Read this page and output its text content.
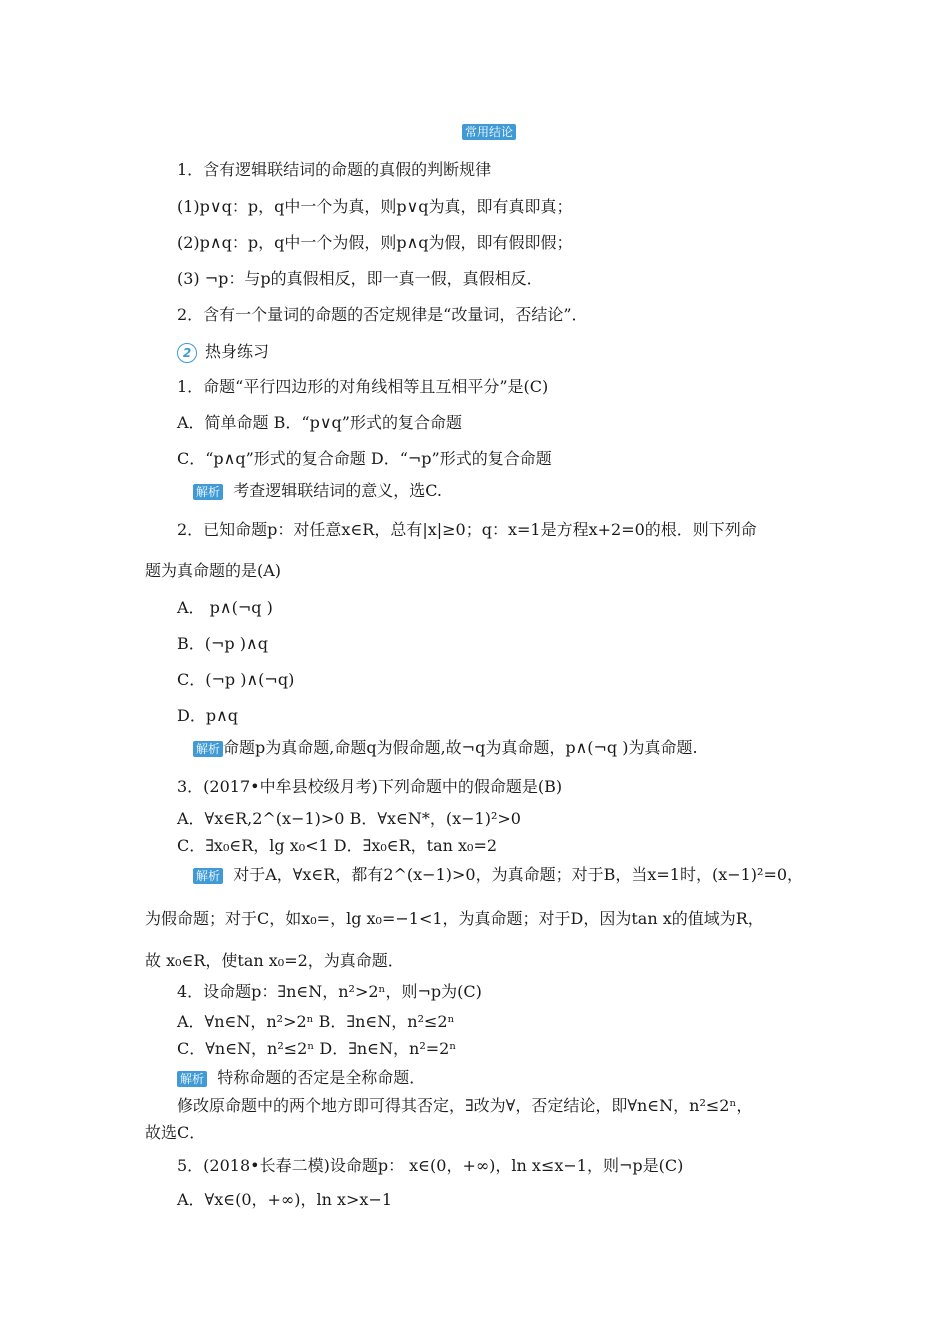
常用结论
1．含有逻辑联结词的命题的真假的判断规律
(1)p∨q：p，q中一个为真，则p∨q为真，即有真即真；
(2)p∧q：p，q中一个为假，则p∧q为假，即有假即假；
(3) ¬p：与p的真假相反，即一真一假，真假相反．
2．含有一个量词的命题的否定规律是“改量词，否结论”．
2 热身练习
1．命题“平行四边形的对角线相等且互相平分”是(C)
A．简单命题 B．“p∨q”形式的复合命题
C．“p∧q”形式的复合命题 D．“¬p”形式的复合命题
解析 考查逻辑联结词的意义，选C.
2．已知命题p：对任意x∈R，总有|x|≥0；q：x=1是方程x+2=0的根．则下列命
题为真命题的是(A)
A． p∧(¬q )
B．(¬p )∧q
C．(¬p )∧(¬q)
D．p∧q
解析 命题p为真命题,命题q为假命题,故¬q为真命题，p∧(¬q )为真命题.
3．(2017•中牟县校级月考)下列命题中的假命题是(B)
A．∀x∈R,2^(x−1)>0 B．∀x∈N*，(x−1)²>0
C．∃x₀∈R，lg x₀<1 D．∃x₀∈R，tan x₀=2
解析 对于A，∀x∈R，都有2^(x−1)>0，为真命题；对于B，当x=1时，(x−1)²=0，
为假命题；对于C，如x₀=，lg x₀=−1<1，为真命题；对于D，因为tan x的值域为R，
故 x₀∈R，使tan x₀=2，为真命题．
4．设命题p：∃n∈N，n²>2ⁿ，则¬p为(C)
A．∀n∈N，n²>2ⁿ B．∃n∈N，n²≤2ⁿ
C．∀n∈N，n²≤2ⁿ D．∃n∈N，n²=2ⁿ
解析 特称命题的否定是全称命题．
修改原命题中的两个地方即可得其否定，∃改为∀，否定结论，即∀n∈N，n²≤2ⁿ，
故选C．
5．(2018•长春二模)设命题p： x∈(0，+∞)，ln x≤x−1，则¬p是(C)
A．∀x∈(0，+∞)，ln x>x−1
